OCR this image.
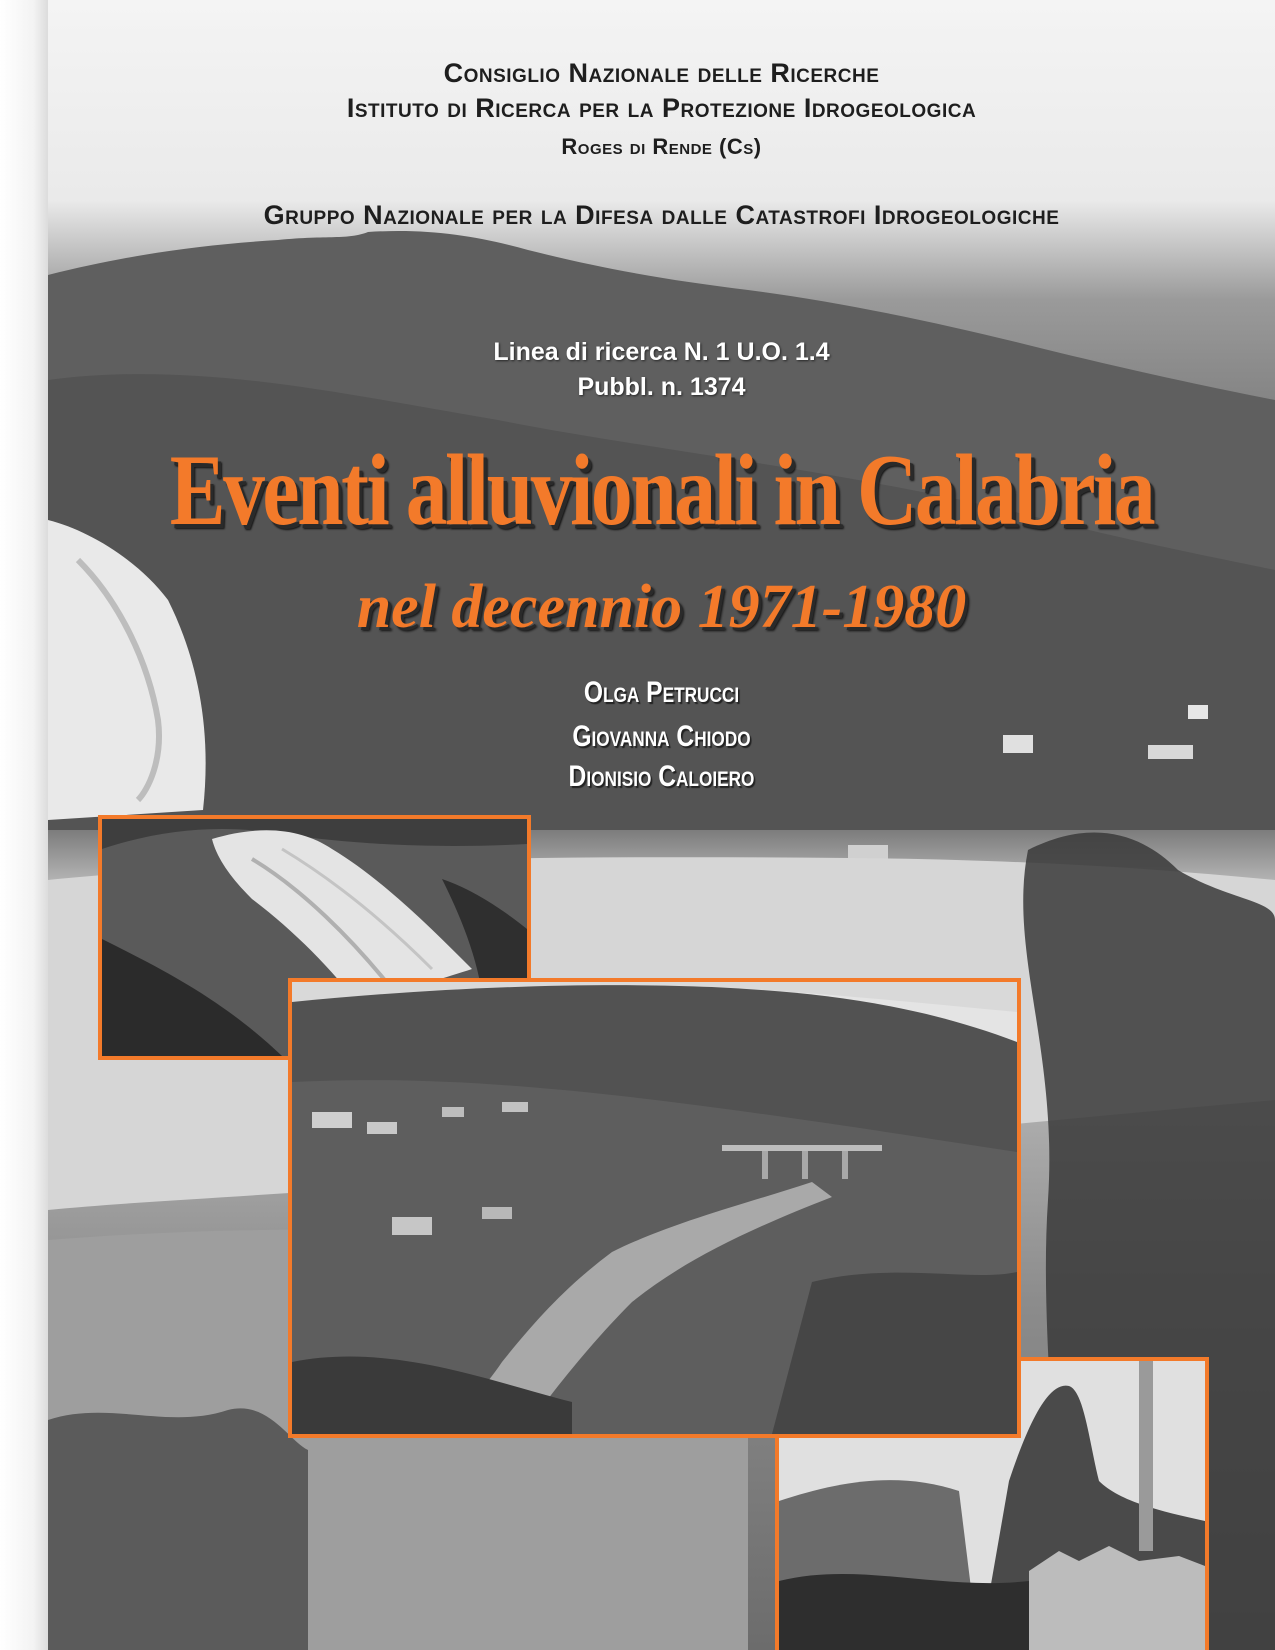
Consiglio Nazionale delle Ricerche

Istituto di Ricerca per la Protezione Idrogeologica

Roges di Rende (Cs)

Gruppo Nazionale per la Difesa dalle Catastrofi Idrogeologiche

Linea di ricerca N. 1 U.O. 1.4

Pubbl. n. 1374

Eventi alluvionali in Calabria
nel decennio 1971-1980

Olga Petrucci

Giovanna Chiodo

Dionisio Caloiero
